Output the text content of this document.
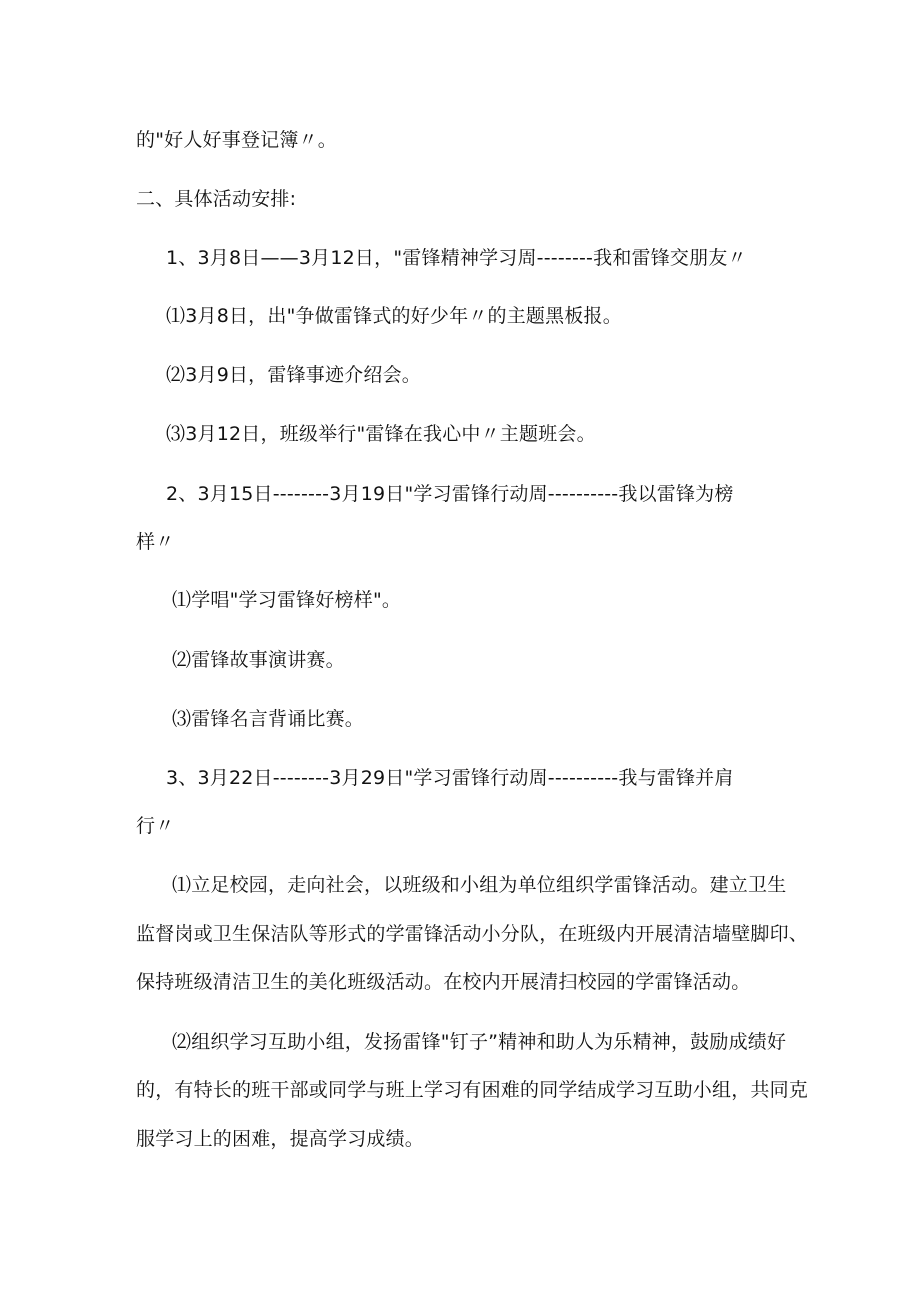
的"好人好事登记簿〃。
二、具体活动安排:
1、3月8日——3月12日，"雷锋精神学习周--------我和雷锋交朋友〃
⑴3月8日，出"争做雷锋式的好少年〃的主题黑板报。
⑵3月9日，雷锋事迹介绍会。
⑶3月12日，班级举行"雷锋在我心中〃主题班会。
2、3月15日--------3月19日"学习雷锋行动周----------我以雷锋为榜
样〃
⑴学唱"学习雷锋好榜样"。
⑵雷锋故事演讲赛。
⑶雷锋名言背诵比赛。
3、3月22日--------3月29日"学习雷锋行动周----------我与雷锋并肩
行〃
⑴立足校园，走向社会，以班级和小组为单位组织学雷锋活动。建立卫生
监督岗或卫生保洁队等形式的学雷锋活动小分队，在班级内开展清洁墙壁脚印、
保持班级清洁卫生的美化班级活动。在校内开展清扫校园的学雷锋活动。
⑵组织学习互助小组，发扬雷锋"钉子”精神和助人为乐精神，鼓励成绩好
的，有特长的班干部或同学与班上学习有困难的同学结成学习互助小组，共同克
服学习上的困难，提高学习成绩。
